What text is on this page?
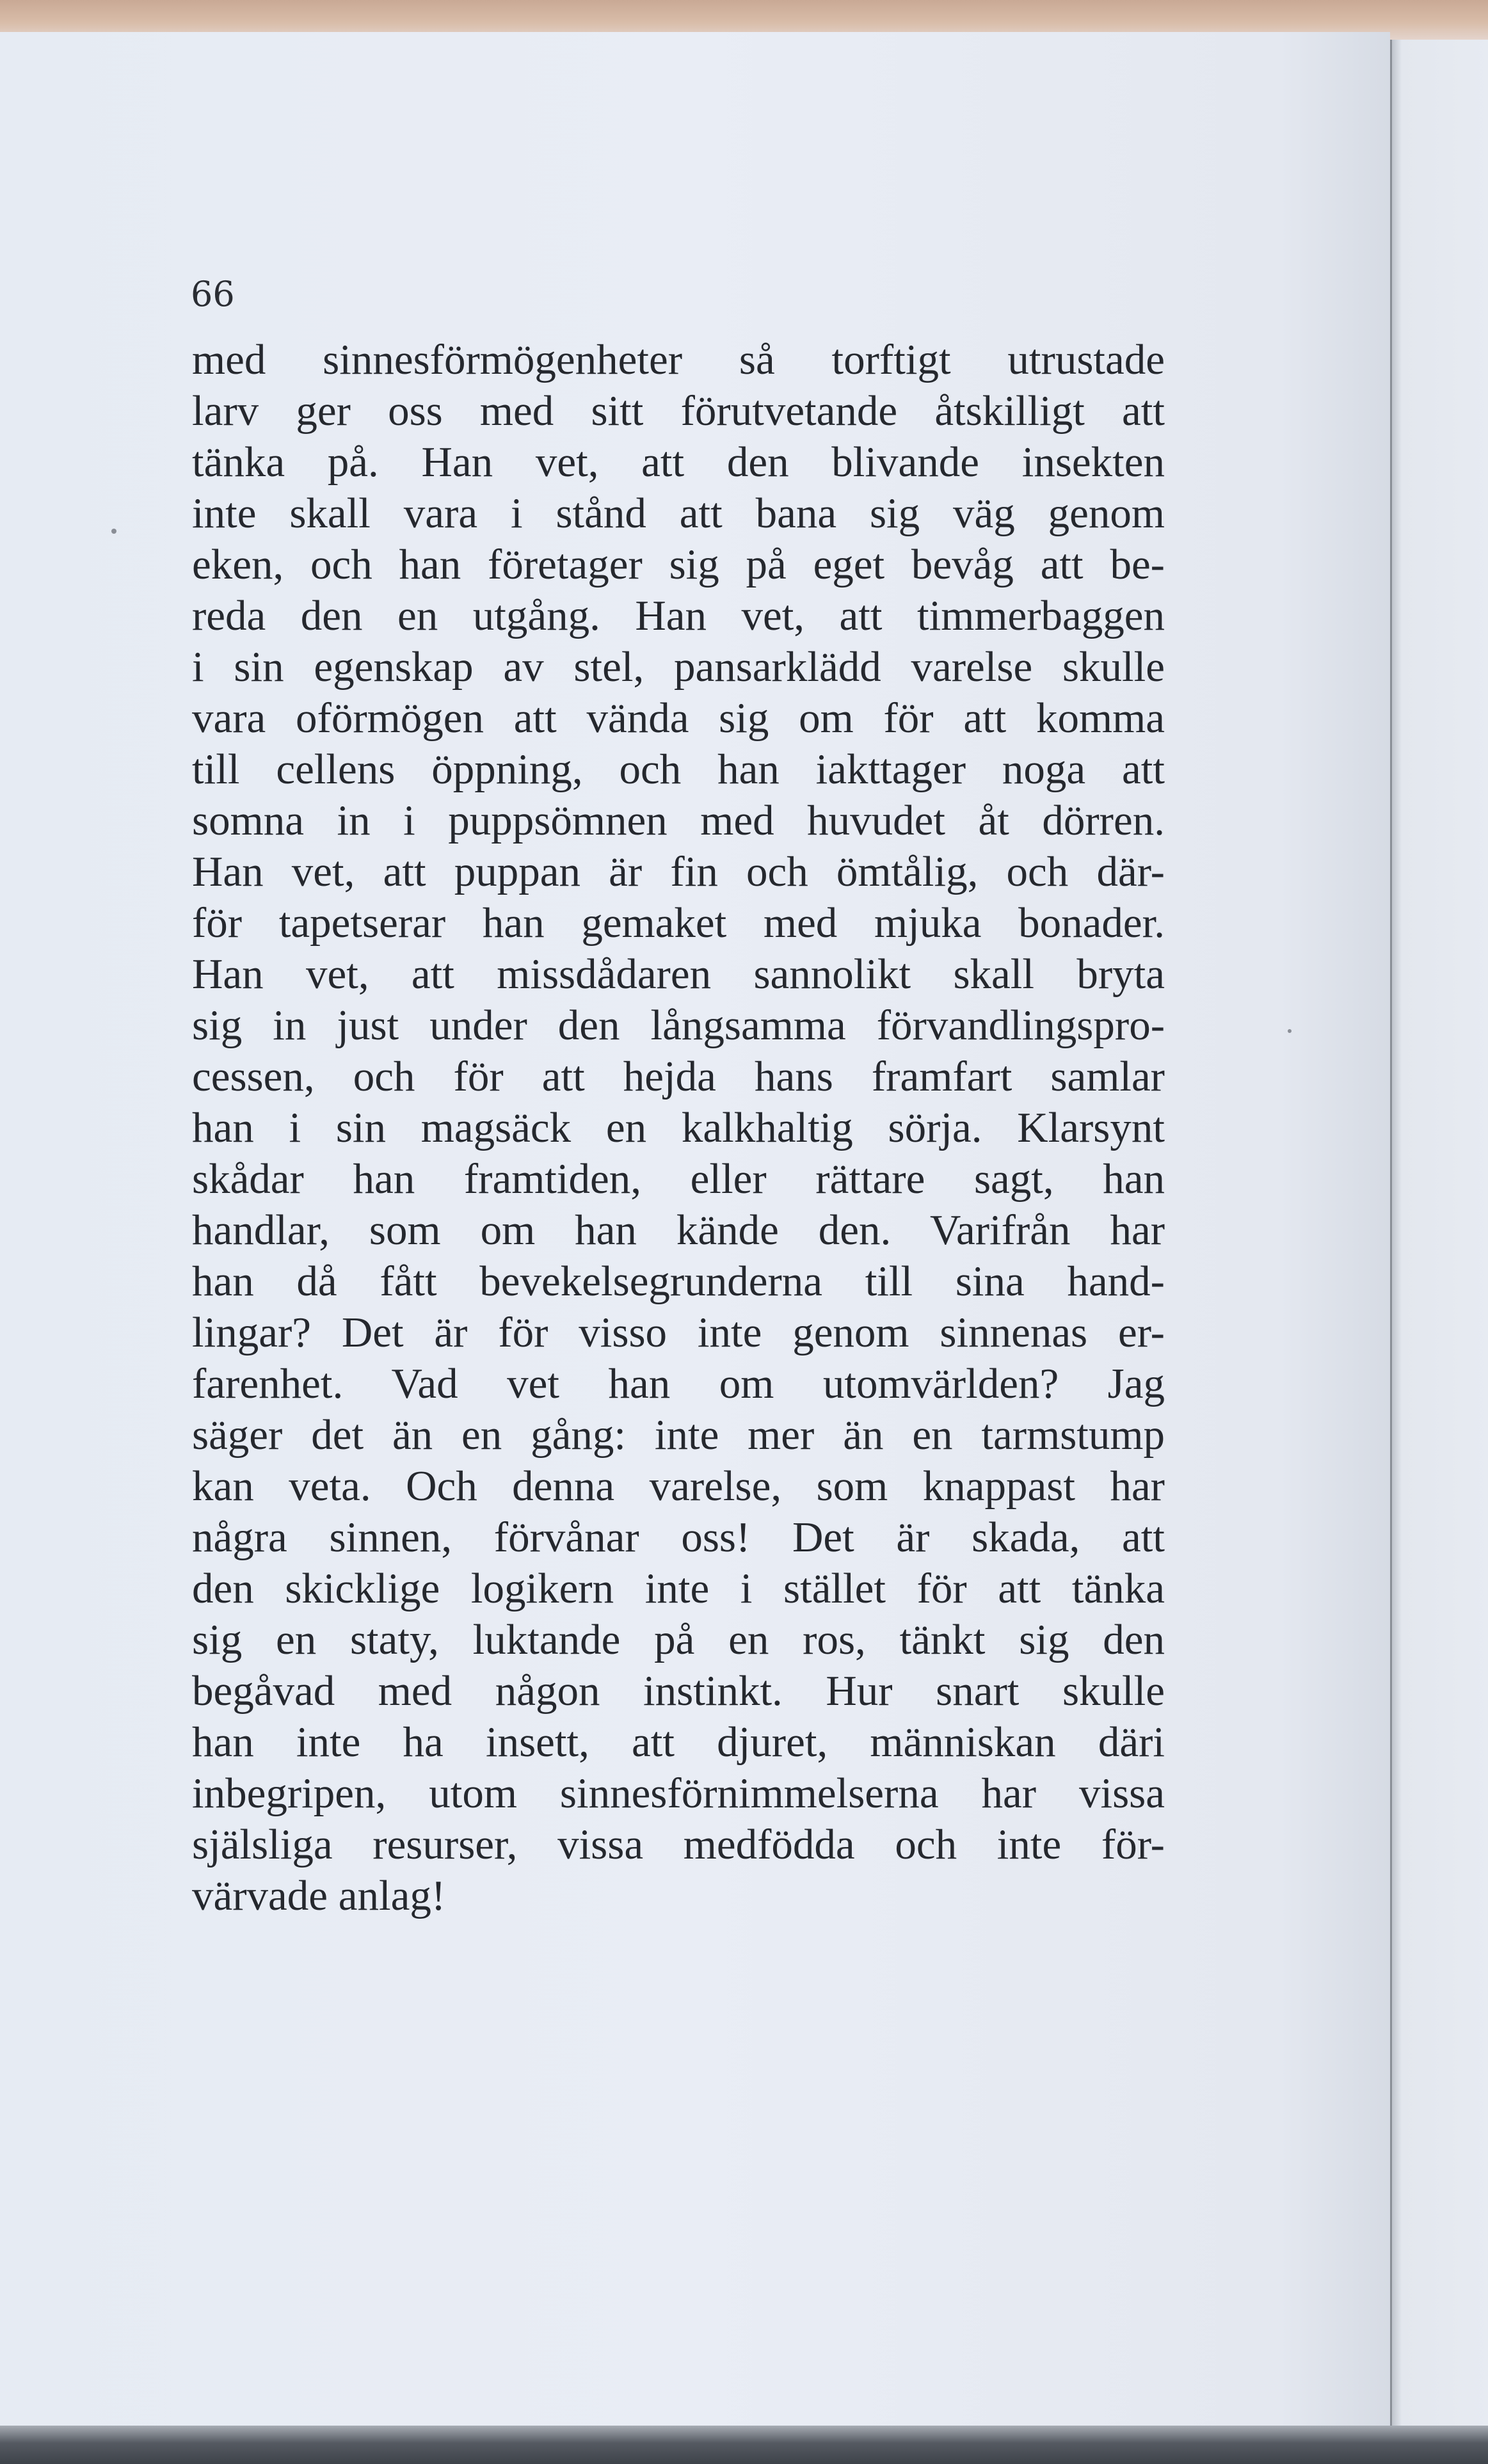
66

med sinnesförmögenheter så torftigt utrustade
larv ger oss med sitt förutvetande åtskilligt att
tänka på. Han vet, att den blivande insekten
inte skall vara i stånd att bana sig väg genom
eken, och han företager sig på eget bevåg att be-
reda den en utgång. Han vet, att timmerbaggen
i sin egenskap av stel, pansarklädd varelse skulle
vara oförmögen att vända sig om för att komma
till cellens öppning, och han iakttager noga att
somna in i puppsömnen med huvudet åt dörren.
Han vet, att puppan är fin och ömtålig, och där-
för tapetserar han gemaket med mjuka bonader.
Han vet, att missdådaren sannolikt skall bryta
sig in just under den långsamma förvandlingspro-
cessen, och för att hejda hans framfart samlar
han i sin magsäck en kalkhaltig sörja. Klarsynt
skådar han framtiden, eller rättare sagt, han
handlar, som om han kände den. Varifrån har
han då fått bevekelsegrunderna till sina hand-
lingar? Det är för visso inte genom sinnenas er-
farenhet. Vad vet han om utomvärlden? Jag
säger det än en gång: inte mer än en tarmstump
kan veta. Och denna varelse, som knappast har
några sinnen, förvånar oss! Det är skada, att
den skicklige logikern inte i stället för att tänka
sig en staty, luktande på en ros, tänkt sig den
begåvad med någon instinkt. Hur snart skulle
han inte ha insett, att djuret, människan däri
inbegripen, utom sinnesförnimmelserna har vissa
själsliga resurser, vissa medfödda och inte för-
värvade anlag!
